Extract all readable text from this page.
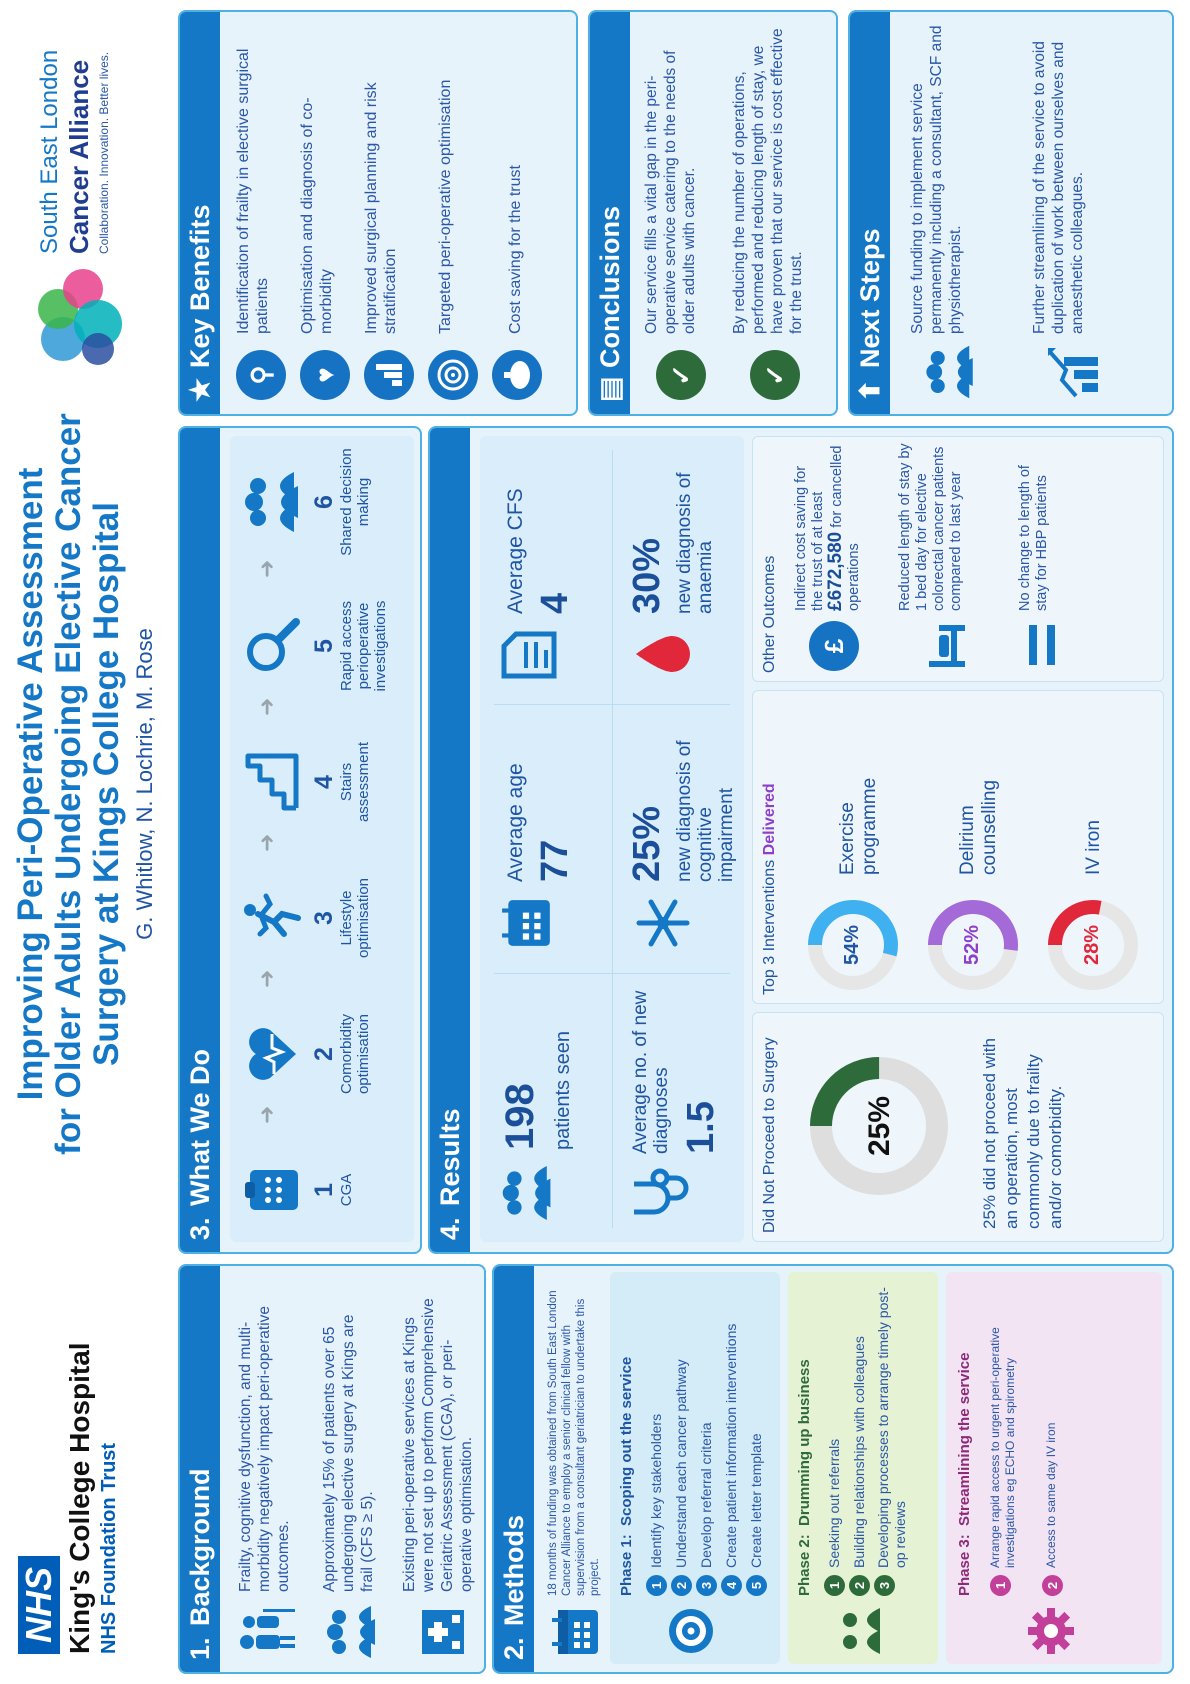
NHS King's College Hospital NHS Foundation Trust
Improving Peri-Operative Assessment for Older Adults Undergoing Elective Cancer Surgery at Kings College Hospital G. Whitlow, N. Lochrie, M. Rose
South East London Cancer Alliance Collaboration. Innovation. Better lives.
1.Background	Frailty, cognitive dysfunction, and multi-morbidity negatively impact peri-operative outcomes. Approximately 15% of patients over 65 undergoing elective surgery at Kings are frail (CFS ≥ 5). Existing peri-operative services at Kings were not set up to perform Comprehensive Geriatric Assessment (CGA), or peri-operative optimisation.
2.Methods	18 months of funding was obtained from South East London Cancer Alliance to employ a senior clinical fellow with supervision from a consultant geriatrician to undertake this project. Phase 1:  Scoping out the service
1
Identify key stakeholders
2
Understand each cancer pathway
3
Develop referral criteria
4
Create patient information interventions
5
Create letter template Phase 2:  Drumming up business
1
Seeking out referrals
2
Building relationships with colleagues
3
Developing processes to arrange timely post-op reviews	Phase 3:  Streamlining the service
1
Arrange rapid access to urgent peri-operative investigations eg ECHO and spirometry
2
Access to same day IV iron
3.What We Do	1 CGA
➜
2 Comorbidity optimisation
➜
3 Lifestyle optimisation
➜
4 Stairs assessment
➜
5 Rapid access perioperative investigations
➜
6 Shared decision making
4.Results 198 patients seen
Average age 77
Average CFS 4
Average no. of new diagnoses 1.5
25% new diagnosis of cognitive impairment
30% new diagnosis of anaemia
Did Not Proceed to Surgery	25%	25% did not proceed with an operation, most commonly due to frailty and/or comorbidity.
Top 3 Interventions Delivered
54%
Exercise programme
52%
Delirium counselling
28%
IV iron
Other Outcomes	£
Indirect cost saving for the trust of at least £672,580 for cancelled operations Reduced length of stay by 1 bed day for elective colorectal cancer patients compared to last year	No change to length of stay for HBP patients
★Key Benefits
⚲
Identification of frailty in elective surgical patients
♥
Optimisation and diagnosis of co-morbidity Improved surgical planning and risk stratification Targeted peri-operative optimisation	Cost saving for the trust
▤Conclusions
✓
Our service fills a vital gap in the peri-operative service catering to the needs of older adults with cancer.
✓
By reducing the number of operations, performed and reducing length of stay, we have proven that our service is cost effective for the trust.
⬆Next Steps	Source funding to implement service permanently including a consultant, SCF and physiotherapist.	Further streamlining of the service to avoid duplication of work between ourselves and anaesthetic colleagues.
